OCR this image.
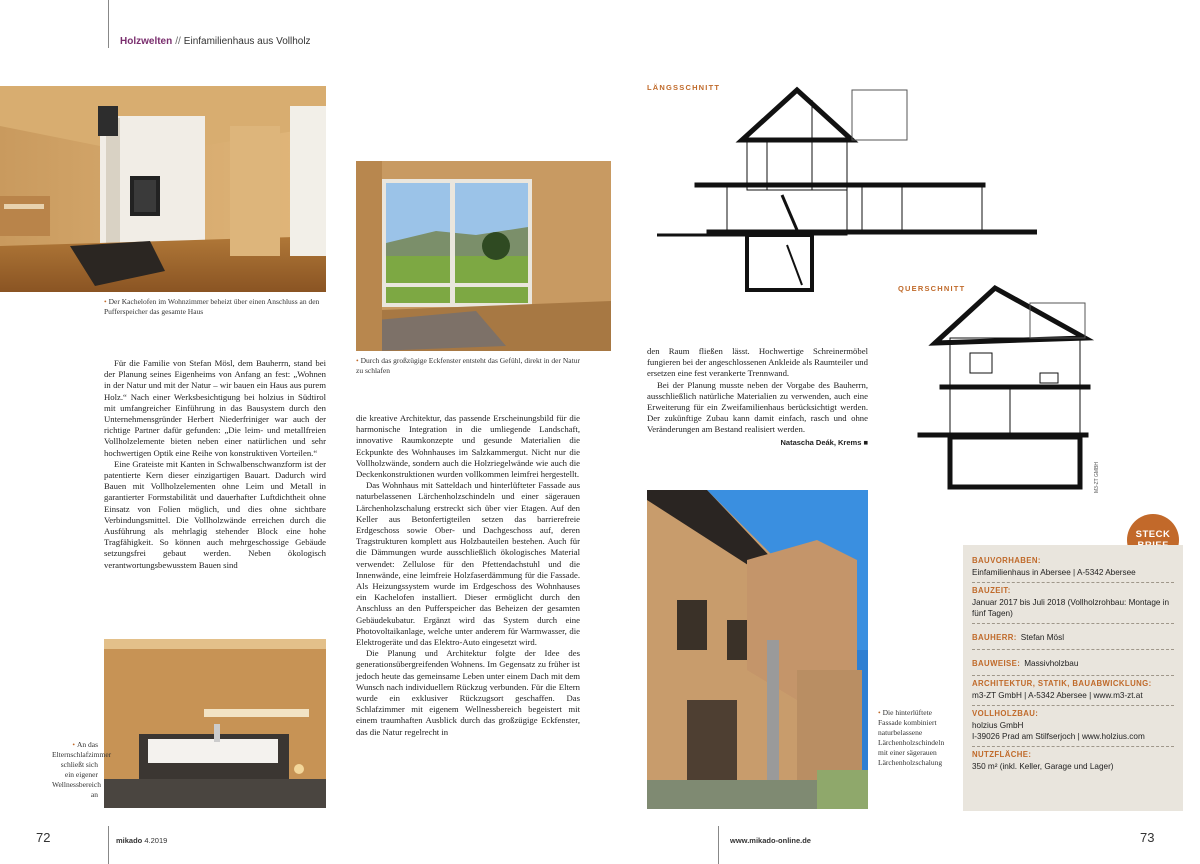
Holzwelten // Einfamilienhaus aus Vollholz
• Der Kachelofen im Wohnzimmer beheizt über einen Anschluss an den Pufferspeicher das gesamte Haus
• Durch das großzügige Eckfenster entsteht das Gefühl, direkt in der Natur zu schlafen
• An das Elternschlafzimmer schließt sich ein eigener Wellnessbereich an
• Die hinterlüftete Fassade kombiniert naturbelassene Lärchenholzschindeln mit einer sägerauen Lärchenholzschalung

Für die Familie von Stefan Mösl, dem Bauherrn, stand bei der Planung seines Eigenheims von Anfang an fest: „Wohnen in der Natur und mit der Natur – wir bauen ein Haus aus purem Holz.“ Nach einer Werksbesichtigung bei holzius in Südtirol mit umfangreicher Einführung in das Bausystem durch den Unternehmensgründer Herbert Niederfriniger war auch der richtige Partner dafür gefunden: „Die leim- und metallfreien Vollholzelemente bieten neben einer natürlichen und sehr hochwertigen Optik eine Reihe von konstruktiven Vorteilen.“

Eine Grateiste mit Kanten in Schwalbenschwanzform ist der patentierte Kern dieser einzigartigen Bauart. Dadurch wird Bauen mit Vollholzelementen ohne Leim und Metall in garantierter Formstabilität und dauerhafter Luftdichtheit ohne Einsatz von Folien möglich, und dies ohne sichtbare Verbindungsmittel. Die Vollholzwände erreichen durch die Ausführung als mehrlagig stehender Block eine hohe Tragfähigkeit. So können auch mehrgeschossige Gebäude setzungsfrei gebaut werden. Neben ökologisch verantwortungsbewusstem Bauen sind

die kreative Architektur, das passende Erscheinungsbild für die harmonische Integration in die umliegende Landschaft, innovative Raumkonzepte und gesunde Materialien die Eckpunkte des Wohnhauses im Salzkammergut. Nicht nur die Vollholzwände, sondern auch die Holzriegelwände wie auch die Deckenkonstruktionen wurden vollkommen leimfrei hergestellt.

Das Wohnhaus mit Satteldach und hinterlüfteter Fassade aus naturbelassenen Lärchenholzschindeln und einer sägerauen Lärchenholzschalung erstreckt sich über vier Etagen. Auf den Keller aus Betonfertigteilen setzen das barrierefreie Erdgeschoss sowie Ober- und Dachgeschoss auf, deren Tragstrukturen komplett aus Holzbauteilen bestehen. Auch für die Dämmungen wurde ausschließlich ökologisches Material verwendet: Zellulose für den Pfettendachstuhl und die Innenwände, eine leimfreie Holzfaserdämmung für die Fassade. Als Heizungssystem wurde im Erdgeschoss des Wohnhauses ein Kachelofen installiert. Dieser ermöglicht durch den Anschluss an den Pufferspeicher das Beheizen der gesamten Gebäudekubatur. Ergänzt wird das System durch eine Photovoltaikanlage, welche unter anderem für Warmwasser, die Elektrogeräte und das Elektro-Auto eingesetzt wird.

Die Planung und Architektur folgte der Idee des generationsübergreifenden Wohnens. Im Gegensatz zu früher ist jedoch heute das gemeinsame Leben unter einem Dach mit dem Wunsch nach individuellem Rückzug verbunden. Für die Eltern wurde ein exklusiver Rückzugsort geschaffen. Das Schlafzimmer mit eigenem Wellnessbereich begeistert mit einem traumhaften Ausblick durch das großzügige Eckfenster, das die Natur regelrecht in

den Raum fließen lässt. Hochwertige Schreinermöbel fungieren bei der angeschlossenen Ankleide als Raumteiler und ersetzen eine fest verankerte Trennwand.

Bei der Planung musste neben der Vorgabe des Bauherrn, ausschließlich natürliche Materialien zu verwenden, auch eine Erweiterung für ein Zweifamilienhaus berücksichtigt werden. Der zukünftige Zubau kann damit einfach, rasch und ohne Veränderungen am Bestand realisiert werden.

Natascha Deák, Krems ■
LÄNGSSCHNITT
QUERSCHNITT
M3-ZT GMBH
STECK
BAUVORHABEN:
Einfamilienhaus in Abersee | A-5342 Abersee
BAUZEIT:
Januar 2017 bis Juli 2018 (Vollholzrohbau: Montage in fünf Tagen)
BAUHERR: Stefan Mösl
BAUWEISE: Massivholzbau
ARCHITEKTUR, STATIK, BAUABWICKLUNG:
m3-ZT GmbH | A-5342 Abersee | www.m3-zt.at
VOLLHOLZBAU:
holzius GmbH
I-39026 Prad am Stilfserjoch | www.holzius.com
NUTZFLÄCHE:
350 m² (inkl. Keller, Garage und Lager)
72	mikado 4.2019	www.mikado-online.de	73
